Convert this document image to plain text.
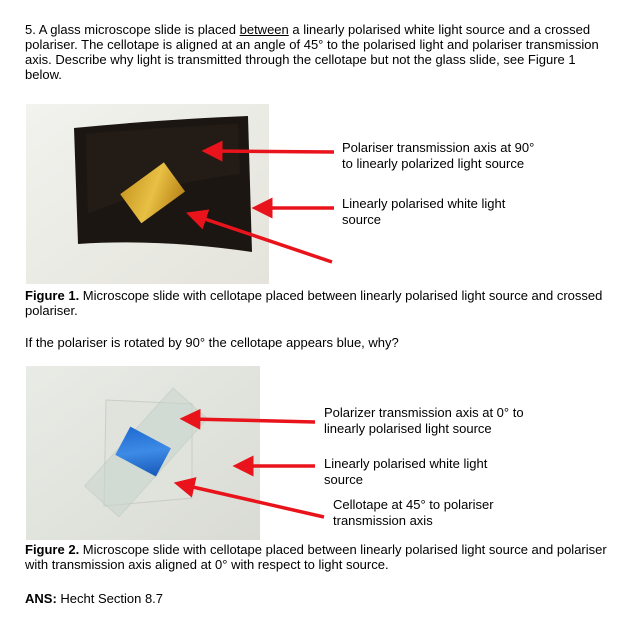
5. A glass microscope slide is placed between a linearly polarised white light source and a crossed polariser. The cellotape is aligned at an angle of 45° to the polarised light and polariser transmission axis. Describe why light is transmitted through the cellotape but not the glass slide, see Figure 1 below.

Polariser transmission axis at 90°
to linearly polarized light source
Linearly polarised white light
source

Figure 1. Microscope slide with cellotape placed between linearly polarised light source and crossed polariser.

If the polariser is rotated by 90° the cellotape appears blue, why?

Polarizer transmission axis at 0° to
linearly polarised light source
Linearly polarised white light
source
Cellotape at 45° to polariser
transmission axis

Figure 2. Microscope slide with cellotape placed between linearly polarised light source and polariser with transmission axis aligned at 0° with respect to light source.

ANS: Hecht Section 8.7
